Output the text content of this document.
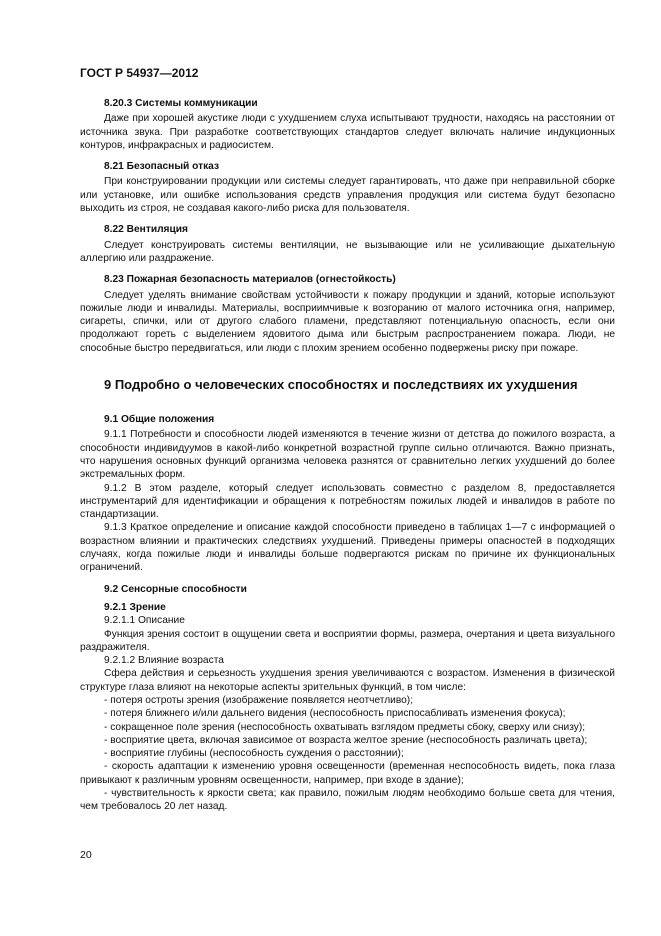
ГОСТ Р 54937—2012
8.20.3 Системы коммуникации

Даже при хорошей акустике люди с ухудшением слуха испытывают трудности, находясь на расстоянии от источника звука. При разработке соответствующих стандартов следует включать наличие индукционных контуров, инфракрасных и радиосистем.

8.21 Безопасный отказ

При конструировании продукции или системы следует гарантировать, что даже при неправильной сборке или установке, или ошибке использования средств управления продукция или система будут безопасно выходить из строя, не создавая какого-либо риска для пользователя.

8.22 Вентиляция

Следует конструировать системы вентиляции, не вызывающие или не усиливающие дыхательную аллергию или раздражение.

8.23 Пожарная безопасность материалов (огнестойкость)

Следует уделять внимание свойствам устойчивости к пожару продукции и зданий, которые используют пожилые люди и инвалиды. Материалы, восприимчивые к возгоранию от малого источника огня, например, сигареты, спички, или от другого слабого пламени, представляют потенциальную опасность, если они продолжают гореть с выделением ядовитого дыма или быстрым распространением пожара. Люди, не способные быстро передвигаться, или люди с плохим зрением особенно подвержены риску при пожаре.

9 Подробно о человеческих способностях и последствиях их ухудшения
9.1 Общие положения

9.1.1 Потребности и способности людей изменяются в течение жизни от детства до пожилого возраста, а способности индивидуумов в какой-либо конкретной возрастной группе сильно отличаются. Важно признать, что нарушения основных функций организма человека разнятся от сравнительно легких ухудшений до более экстремальных форм.

9.1.2 В этом разделе, который следует использовать совместно с разделом 8, предоставляется инструментарий для идентификации и обращения к потребностям пожилых людей и инвалидов в работе по стандартизации.

9.1.3 Краткое определение и описание каждой способности приведено в таблицах 1—7 с информацией о возрастном влиянии и практических следствиях ухудшений. Приведены примеры опасностей в подходящих случаях, когда пожилые люди и инвалиды больше подвергаются рискам по причине их функциональных ограничений.

9.2 Сенсорные способности
9.2.1 Зрение
9.2.1.1 Описание

Функция зрения состоит в ощущении света и восприятии формы, размера, очертания и цвета визуального раздражителя.

9.2.1.2 Влияние возраста

Сфера действия и серьезность ухудшения зрения увеличиваются с возрастом. Изменения в физической структуре глаза влияют на некоторые аспекты зрительных функций, в том числе:

- потеря остроты зрения (изображение появляется неотчетливо);

- потеря ближнего и/или дальнего видения (неспособность приспосабливать изменения фокуса);

- сокращенное поле зрения (неспособность охватывать взглядом предметы сбоку, сверху или снизу);

- восприятие цвета, включая зависимое от возраста желтое зрение (неспособность различать цвета);

- восприятие глубины (неспособность суждения о расстоянии);

- скорость адаптации к изменению уровня освещенности (временная неспособность видеть, пока глаза привыкают к различным уровням освещенности, например, при входе в здание);

- чувствительность к яркости света; как правило, пожилым людям необходимо больше света для чтения, чем требовалось 20 лет назад.

20
